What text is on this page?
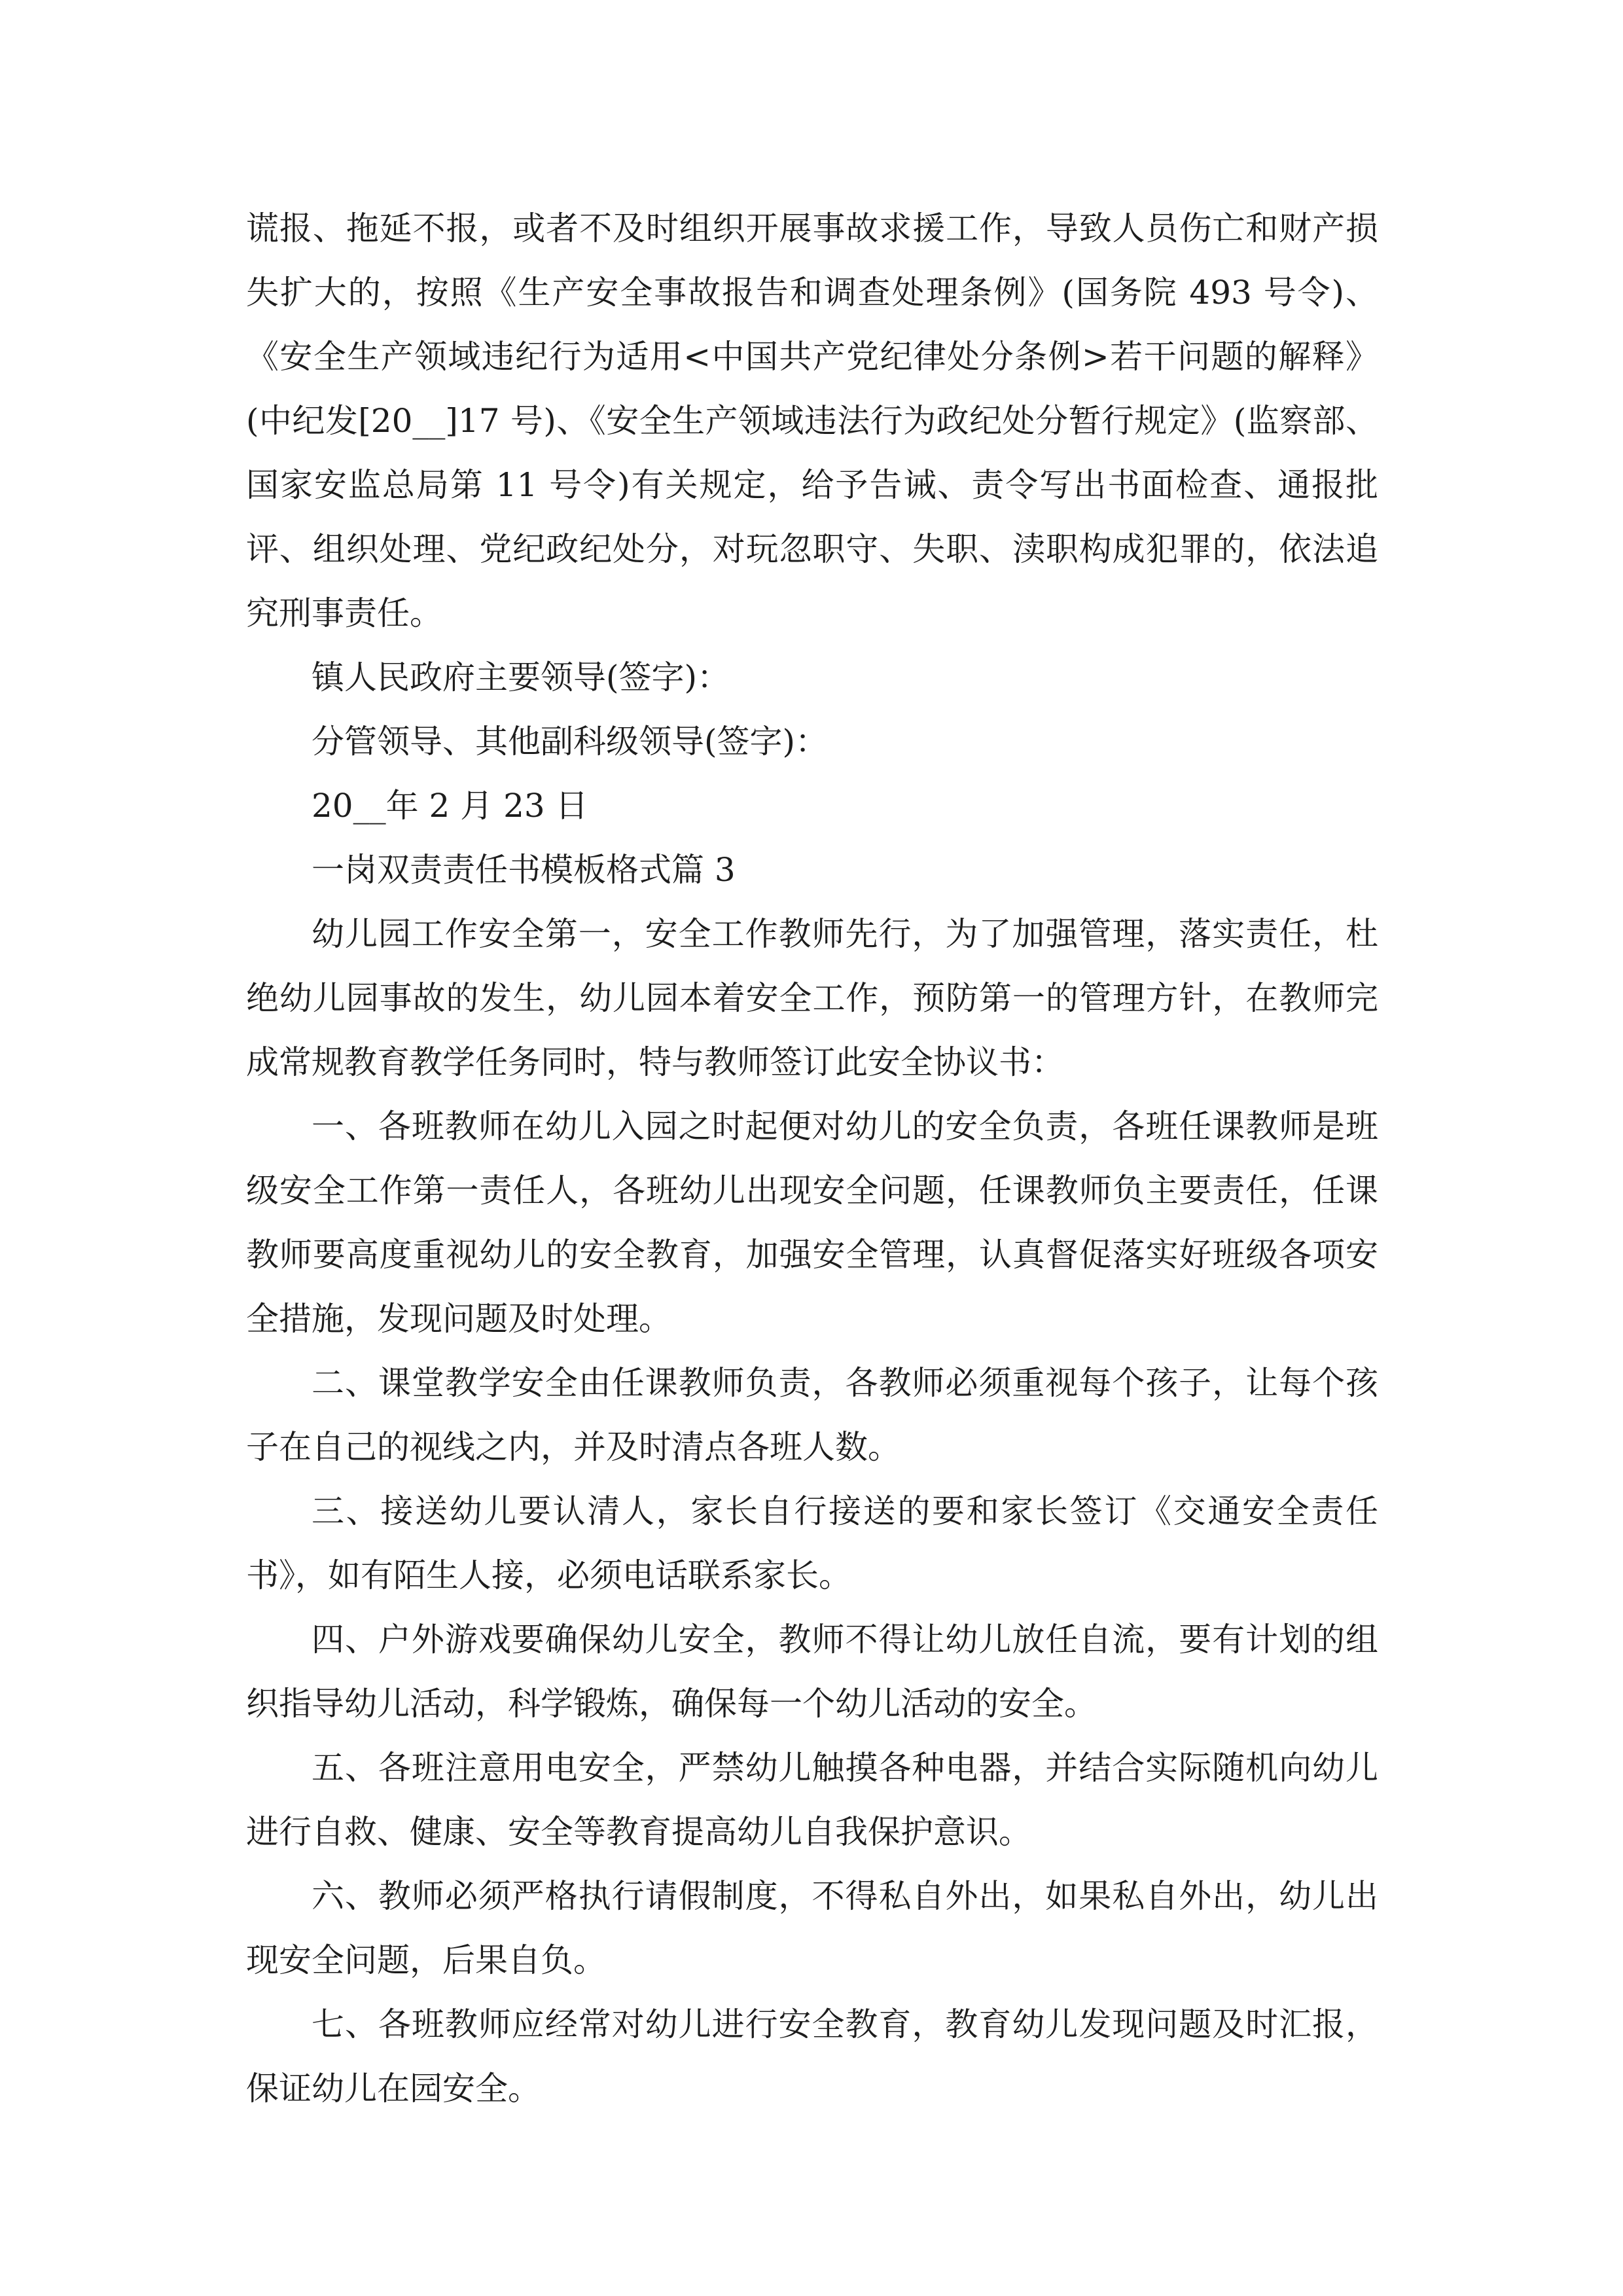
谎报、拖延不报，或者不及时组织开展事故求援工作，导致人员伤亡和财产损失扩大的，按照《生产安全事故报告和调查处理条例》(国务院 493 号令)、《安全生产领域违纪行为适用<中国共产党纪律处分条例>若干问题的解释》(中纪发[20__]17 号)、《安全生产领域违法行为政纪处分暂行规定》(监察部、国家安监总局第 11 号令)有关规定，给予告诫、责令写出书面检查、通报批评、组织处理、党纪政纪处分，对玩忽职守、失职、渎职构成犯罪的，依法追究刑事责任。

镇人民政府主要领导(签字)：

分管领导、其他副科级领导(签字)：

20__年 2 月 23 日

一岗双责责任书模板格式篇 3

幼儿园工作安全第一，安全工作教师先行，为了加强管理，落实责任，杜绝幼儿园事故的发生，幼儿园本着安全工作，预防第一的管理方针，在教师完成常规教育教学任务同时，特与教师签订此安全协议书：

一、各班教师在幼儿入园之时起便对幼儿的安全负责，各班任课教师是班级安全工作第一责任人，各班幼儿出现安全问题，任课教师负主要责任，任课教师要高度重视幼儿的安全教育，加强安全管理，认真督促落实好班级各项安全措施，发现问题及时处理。

二、课堂教学安全由任课教师负责，各教师必须重视每个孩子，让每个孩子在自己的视线之内，并及时清点各班人数。

三、接送幼儿要认清人，家长自行接送的要和家长签订《交通安全责任书》，如有陌生人接，必须电话联系家长。

四、户外游戏要确保幼儿安全，教师不得让幼儿放任自流，要有计划的组织指导幼儿活动，科学锻炼，确保每一个幼儿活动的安全。

五、各班注意用电安全，严禁幼儿触摸各种电器，并结合实际随机向幼儿进行自救、健康、安全等教育提高幼儿自我保护意识。

六、教师必须严格执行请假制度，不得私自外出，如果私自外出，幼儿出现安全问题，后果自负。

七、各班教师应经常对幼儿进行安全教育，教育幼儿发现问题及时汇报，保证幼儿在园安全。
